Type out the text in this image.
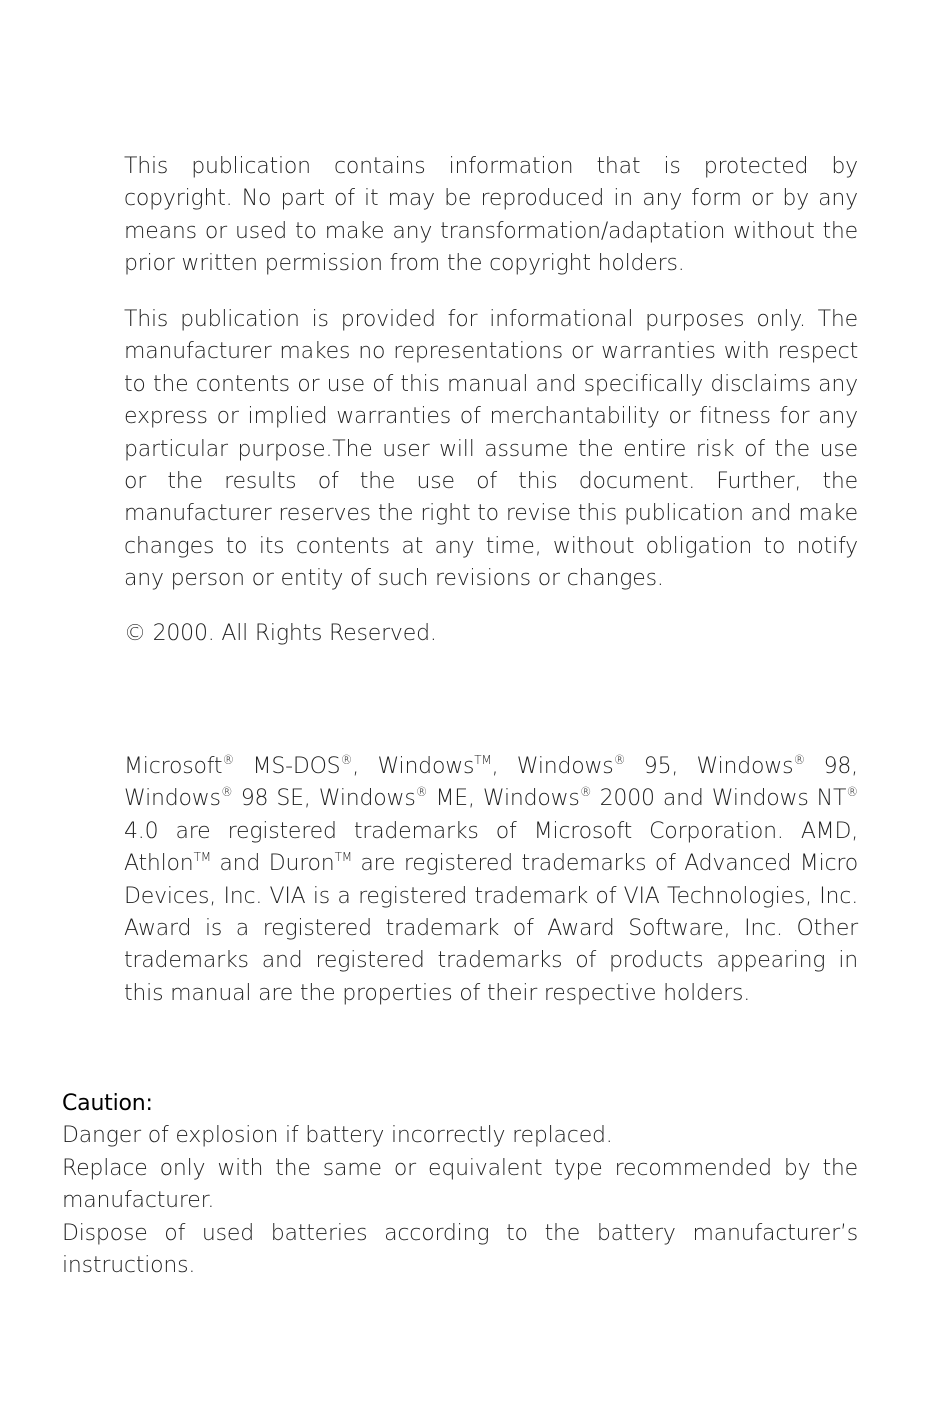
This publication contains information that is protected by copyright. No part of it may be reproduced in any form or by any means or used to make any transformation/adaptation without the prior written permission from the copyright holders.

This publication is provided for informational purposes only. The manufacturer makes no representations or warranties with respect to the contents or use of this manual and specifically disclaims any express or implied warranties of merchantability or fitness for any particular purpose.The user will assume the entire risk of the use or the results of the use of this document. Further, the manufacturer reserves the right to revise this publication and make changes to its contents at any time, without obligation to notify any person or entity of such revisions or changes.

© 2000. All Rights Reserved.

Microsoft® MS-DOS®, Windows™, Windows® 95, Windows® 98, Windows® 98 SE, Windows® ME, Windows® 2000 and Windows NT® 4.0 are registered trademarks of Microsoft Corporation. AMD, Athlon™ and Duron™ are registered trademarks of Advanced Micro Devices, Inc. VIA is a registered trademark of VIA Technologies, Inc. Award is a registered trademark of Award Software, Inc. Other trademarks and registered trademarks of products appearing in this manual are the properties of their respective holders.

Caution:
Danger of explosion if battery incorrectly replaced.
Replace only with the same or equivalent type recommended by the manufacturer.
Dispose of used batteries according to the battery manufacturer’s instructions.
